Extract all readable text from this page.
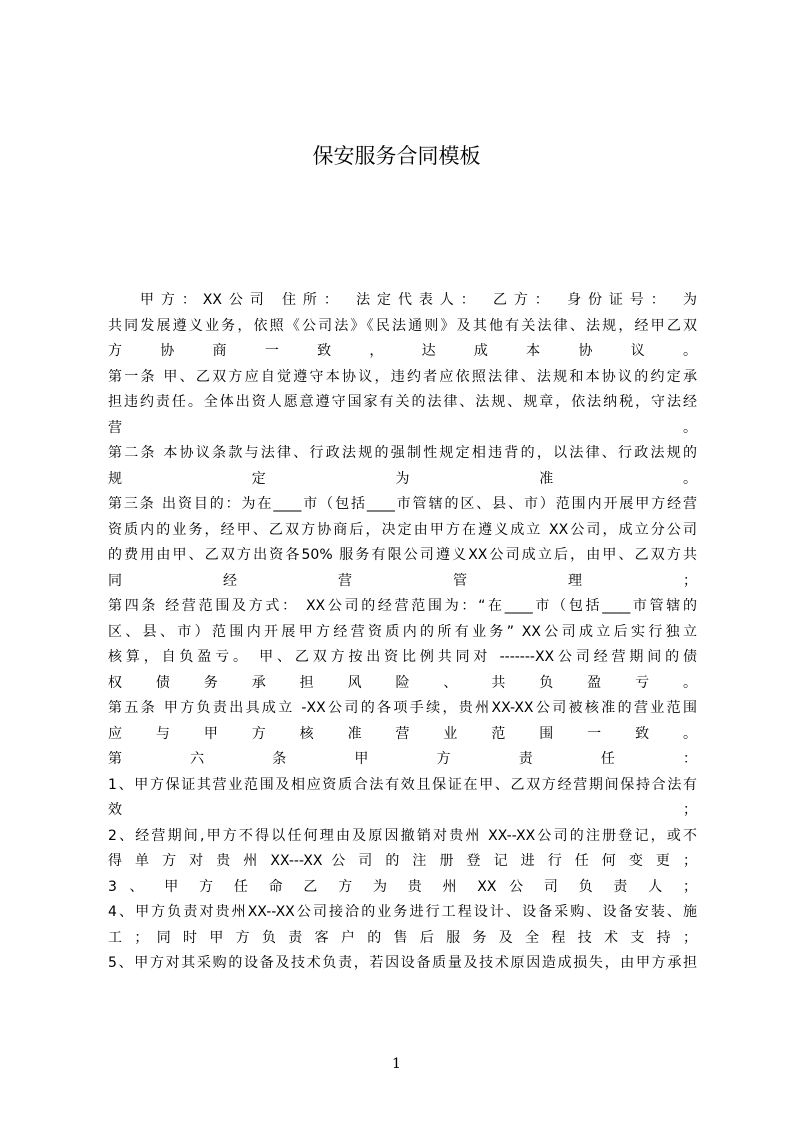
保安服务合同模板
甲方：XX公司 住所： 法定代表人： 乙方： 身份证号： 为
共同发展遵义业务，依照《公司法》《民法通则》及其他有关法律、法规，经甲乙双
方 协 商 一 致 ， 达 成 本 协 议 。
第一条 甲、乙双方应自觉遵守本协议，违约者应依照法律、法规和本协议的约定承
担违约责任。全体出资人愿意遵守国家有关的法律、法规、规章，依法纳税，守法经
营 。
第二条 本协议条款与法律、行政法规的强制性规定相违背的，以法律、行政法规的
规 定 为 准 。
第三条 出资目的：为在____市（包括____市管辖的区、县、市）范围内开展甲方经营
资质内的业务，经甲、乙双方协商后，决定由甲方在遵义成立 XX公司，成立分公司
的费用由甲、乙双方出资各50% 服务有限公司遵义XX公司成立后，由甲、乙双方共
同 经 营 管 理 ；
第四条 经营范围及方式： XX公司的经营范围为：“在____市（包括____市管辖的
区、县、市）范围内开展甲方经营资质内的所有业务” XX公司成立后实行独立
核算，自负盈亏。 甲、乙双方按出资比例共同对 -------XX公司经营期间的债
权 债 务 承 担 风 险 、 共 负 盈 亏 。
第五条 甲方负责出具成立 -XX公司的各项手续，贵州XX-XX公司被核准的营业范围
应 与 甲 方 核 准 营 业 范 围 一 致 。
第 六 条 甲 方 责 任 ：
1、甲方保证其营业范围及相应资质合法有效且保证在甲、乙双方经营期间保持合法有
效 ；
2、经营期间,甲方不得以任何理由及原因撤销对贵州 XX--XX公司的注册登记，或不
得 单 方 对 贵 州 XX---XX 公 司 的 注 册 登 记 进 行 任 何 变 更 ；
3 、 甲 方 任 命 乙 方 为 贵 州 XX 公 司 负 责 人 ；
4、甲方负责对贵州XX--XX公司接洽的业务进行工程设计、设备采购、设备安装、施
工 ； 同 时 甲 方 负 责 客 户 的 售 后 服 务 及 全 程 技 术 支 持 ；
5、甲方对其采购的设备及技术负责，若因设备质量及技术原因造成损失，由甲方承担
1
